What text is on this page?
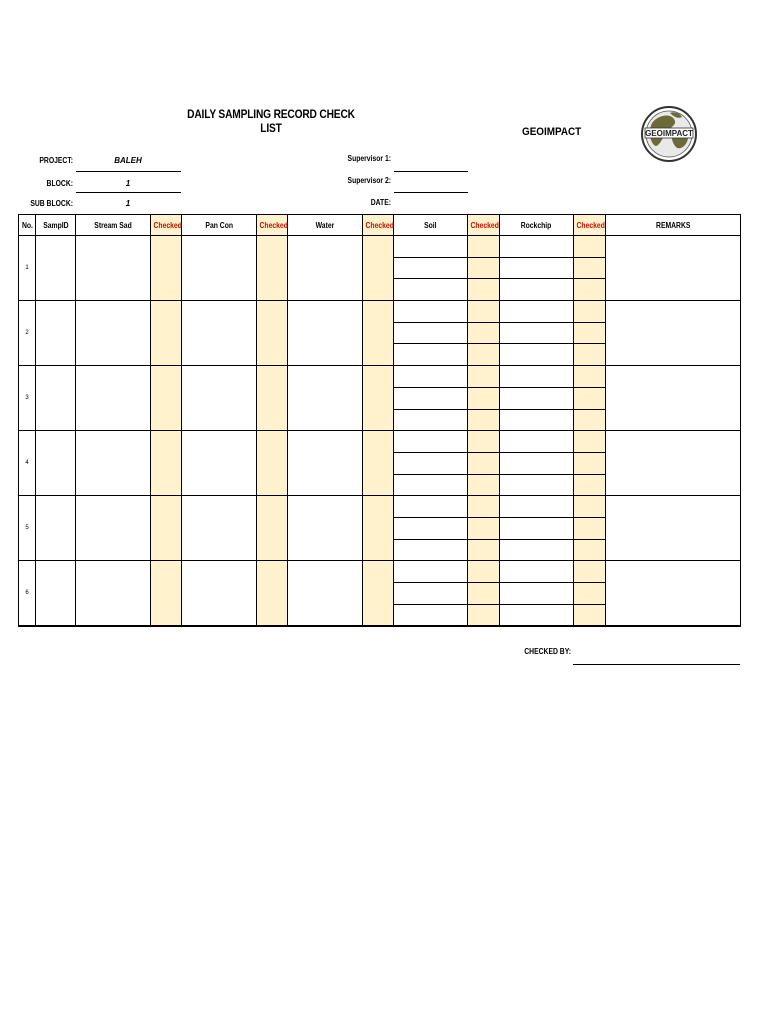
DAILY SAMPLING RECORD CHECK LIST	GEOIMPACT	GEOIMPACT
PROJECT:	BALEH
BLOCK:	1
SUB BLOCK:	1
Supervisor 1:
Supervisor 2:
DATE:
No.	SampID	Stream Sad	Checked	Pan Con	Checked	Water	Checked	Soil	Checked	Rockchip	Checked	REMARKS
1												

2												

3												

4												

5												

6												

CHECKED BY:
